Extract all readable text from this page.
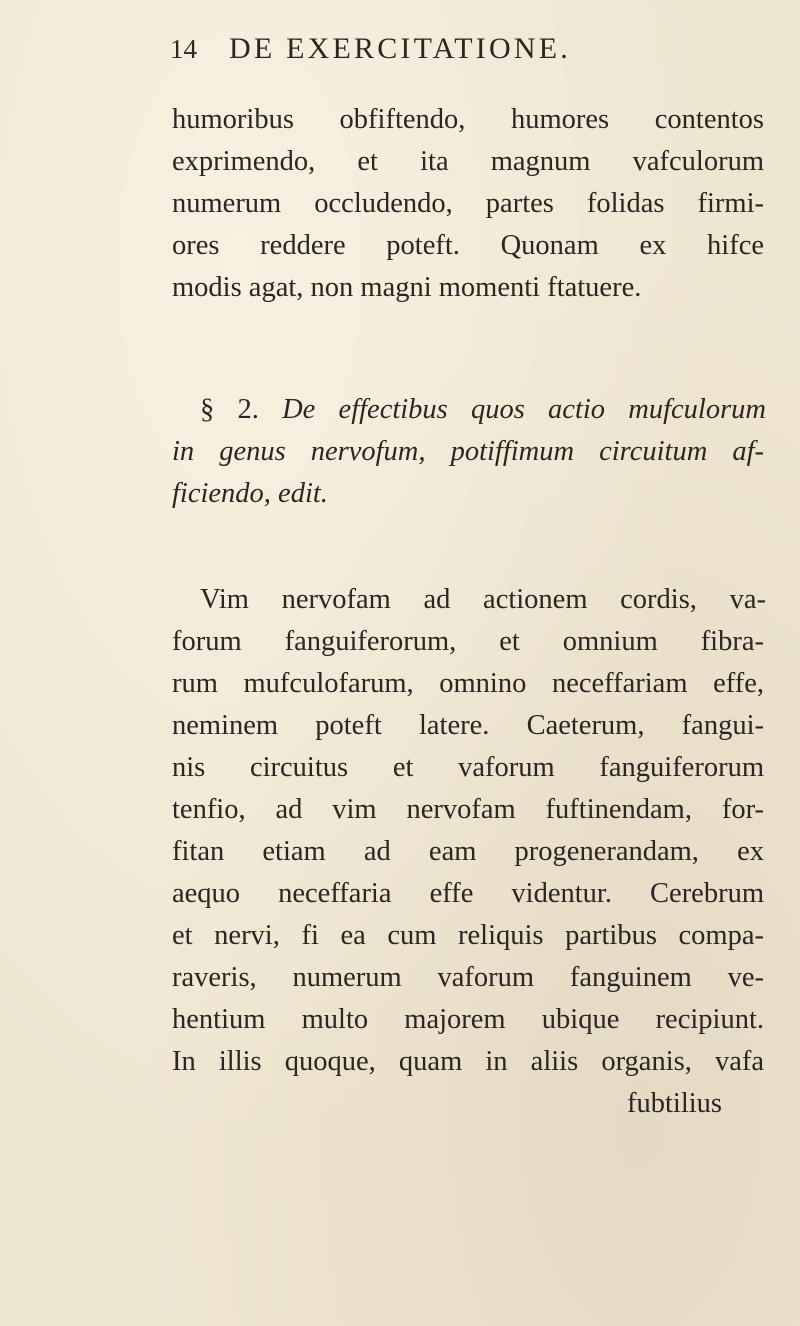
14 DE EXERCITATIONE.
humoribus obfiftendo, humores contentos
exprimendo, et ita magnum vafculorum
numerum occludendo, partes folidas firmi-
ores reddere poteft. Quonam ex hifce
modis agat, non magni momenti ftatuere.
§ 2. De effectibus quos actio mufculorum
in genus nervofum, potiffimum circuitum af-
ficiendo, edit.
Vim nervofam ad actionem cordis, va-
forum fanguiferorum, et omnium fibra-
rum mufculofarum, omnino neceffariam effe,
neminem poteft latere. Caeterum, fangui-
nis circuitus et vaforum fanguiferorum
tenfio, ad vim nervofam fuftinendam, for-
fitan etiam ad eam progenerandam, ex
aequo neceffaria effe videntur. Cerebrum
et nervi, fi ea cum reliquis partibus compa-
raveris, numerum vaforum fanguinem ve-
hentium multo majorem ubique recipiunt.
In illis quoque, quam in aliis organis, vafa
fubtilius
